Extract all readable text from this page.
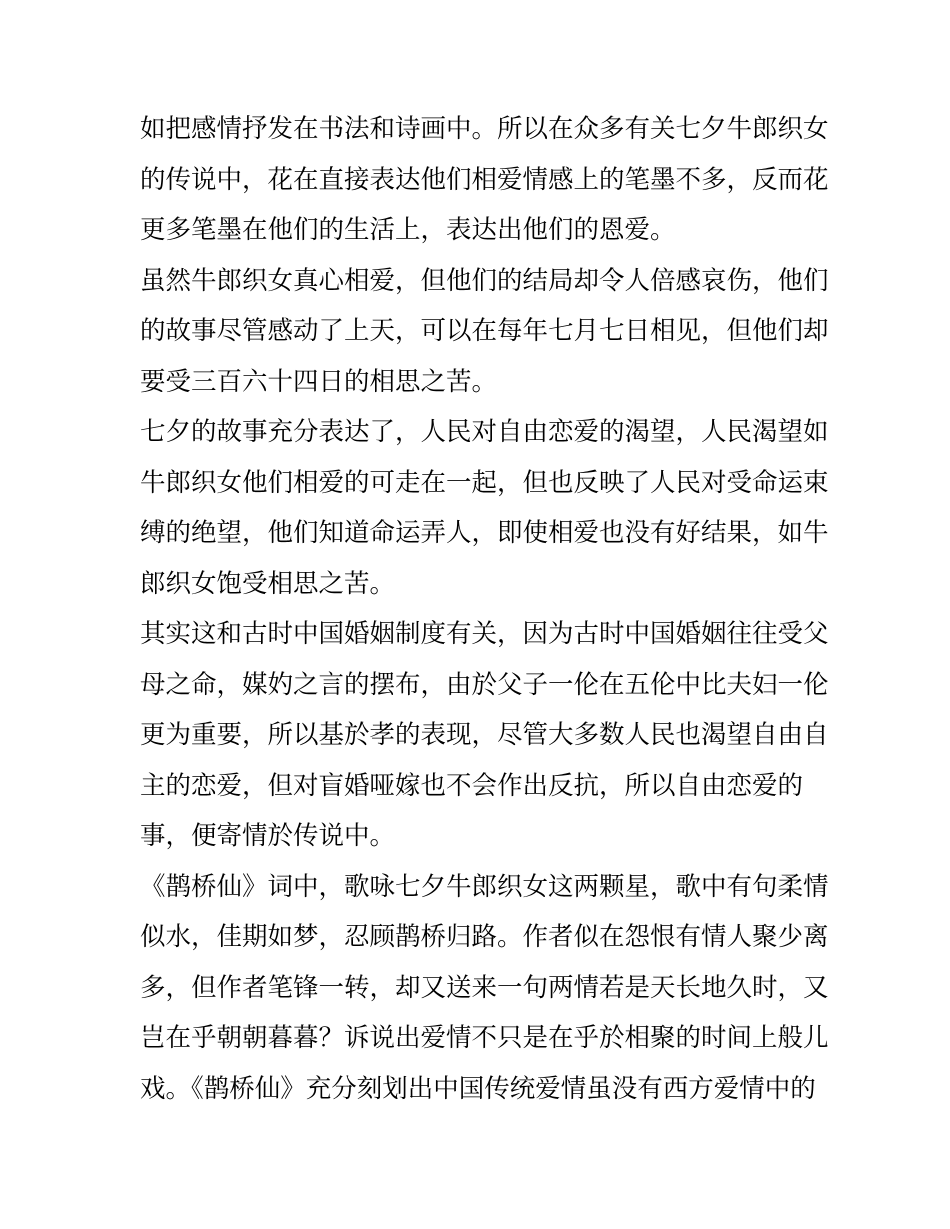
如把感情抒发在书法和诗画中。所以在众多有关七夕牛郎织女
的传说中，花在直接表达他们相爱情感上的笔墨不多，反而花
更多笔墨在他们的生活上，表达出他们的恩爱。
虽然牛郎织女真心相爱，但他们的结局却令人倍感哀伤，他们
的故事尽管感动了上天，可以在每年七月七日相见，但他们却
要受三百六十四日的相思之苦。
七夕的故事充分表达了，人民对自由恋爱的渴望，人民渴望如
牛郎织女他们相爱的可走在一起，但也反映了人民对受命运束
缚的绝望，他们知道命运弄人，即使相爱也没有好结果，如牛
郎织女饱受相思之苦。
其实这和古时中国婚姻制度有关，因为古时中国婚姻往往受父
母之命，媒妁之言的摆布，由於父子一伦在五伦中比夫妇一伦
更为重要，所以基於孝的表现，尽管大多数人民也渴望自由自
主的恋爱，但对盲婚哑嫁也不会作出反抗，所以自由恋爱的
事，便寄情於传说中。
《鹊桥仙》词中，歌咏七夕牛郎织女这两颗星，歌中有句柔情
似水，佳期如梦，忍顾鹊桥归路。作者似在怨恨有情人聚少离
多，但作者笔锋一转，却又送来一句两情若是天长地久时，又
岂在乎朝朝暮暮？诉说出爱情不只是在乎於相聚的时间上般儿
戏。《鹊桥仙》充分刻划出中国传统爱情虽没有西方爱情中的
